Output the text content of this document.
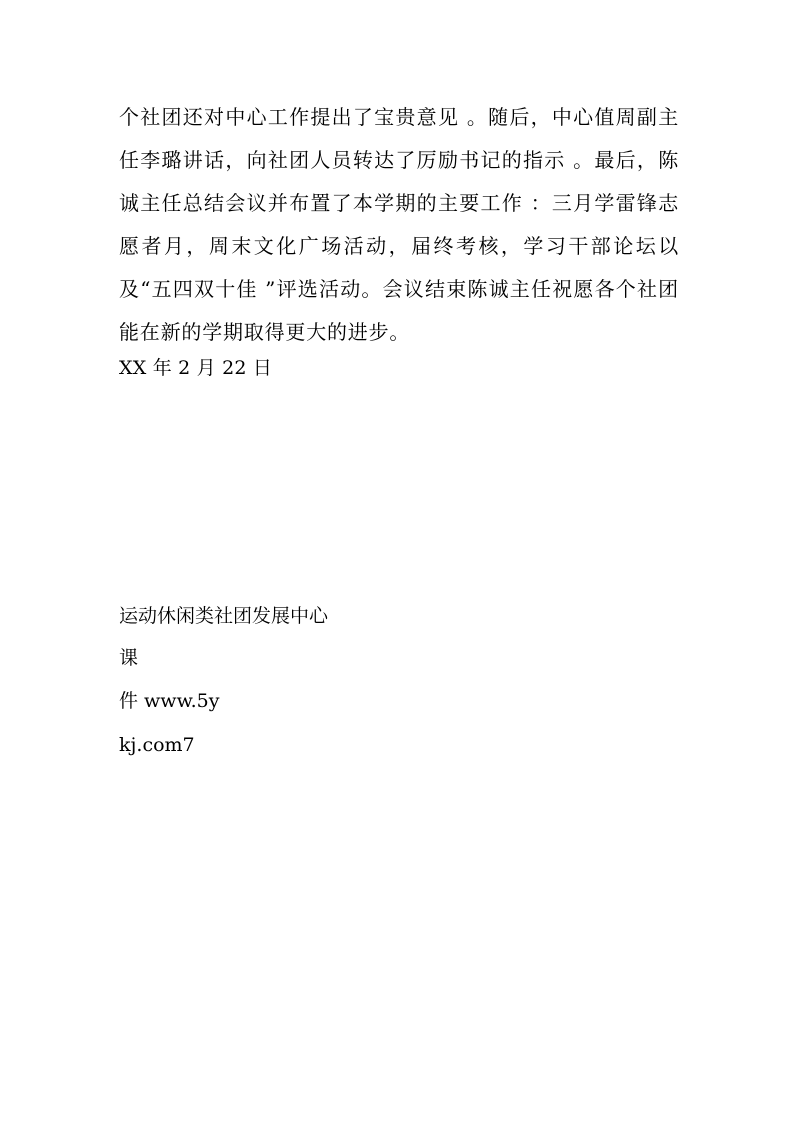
个社团还对中心工作提出了宝贵意见 。随后，中心值周副主任李璐讲话，向社团人员转达了厉励书记的指示 。最后，陈诚主任总结会议并布置了本学期的主要工作 ：三月学雷锋志愿者月，周末文化广场活动，届终考核，学习干部论坛以及“五四双十佳 ”评选活动。会议结束陈诚主任祝愿各个社团能在新的学期取得更大的进步。

XX 年 2 月 22 日
运动休闲类社团发展中心
课
件 www.5y
kj.com7
